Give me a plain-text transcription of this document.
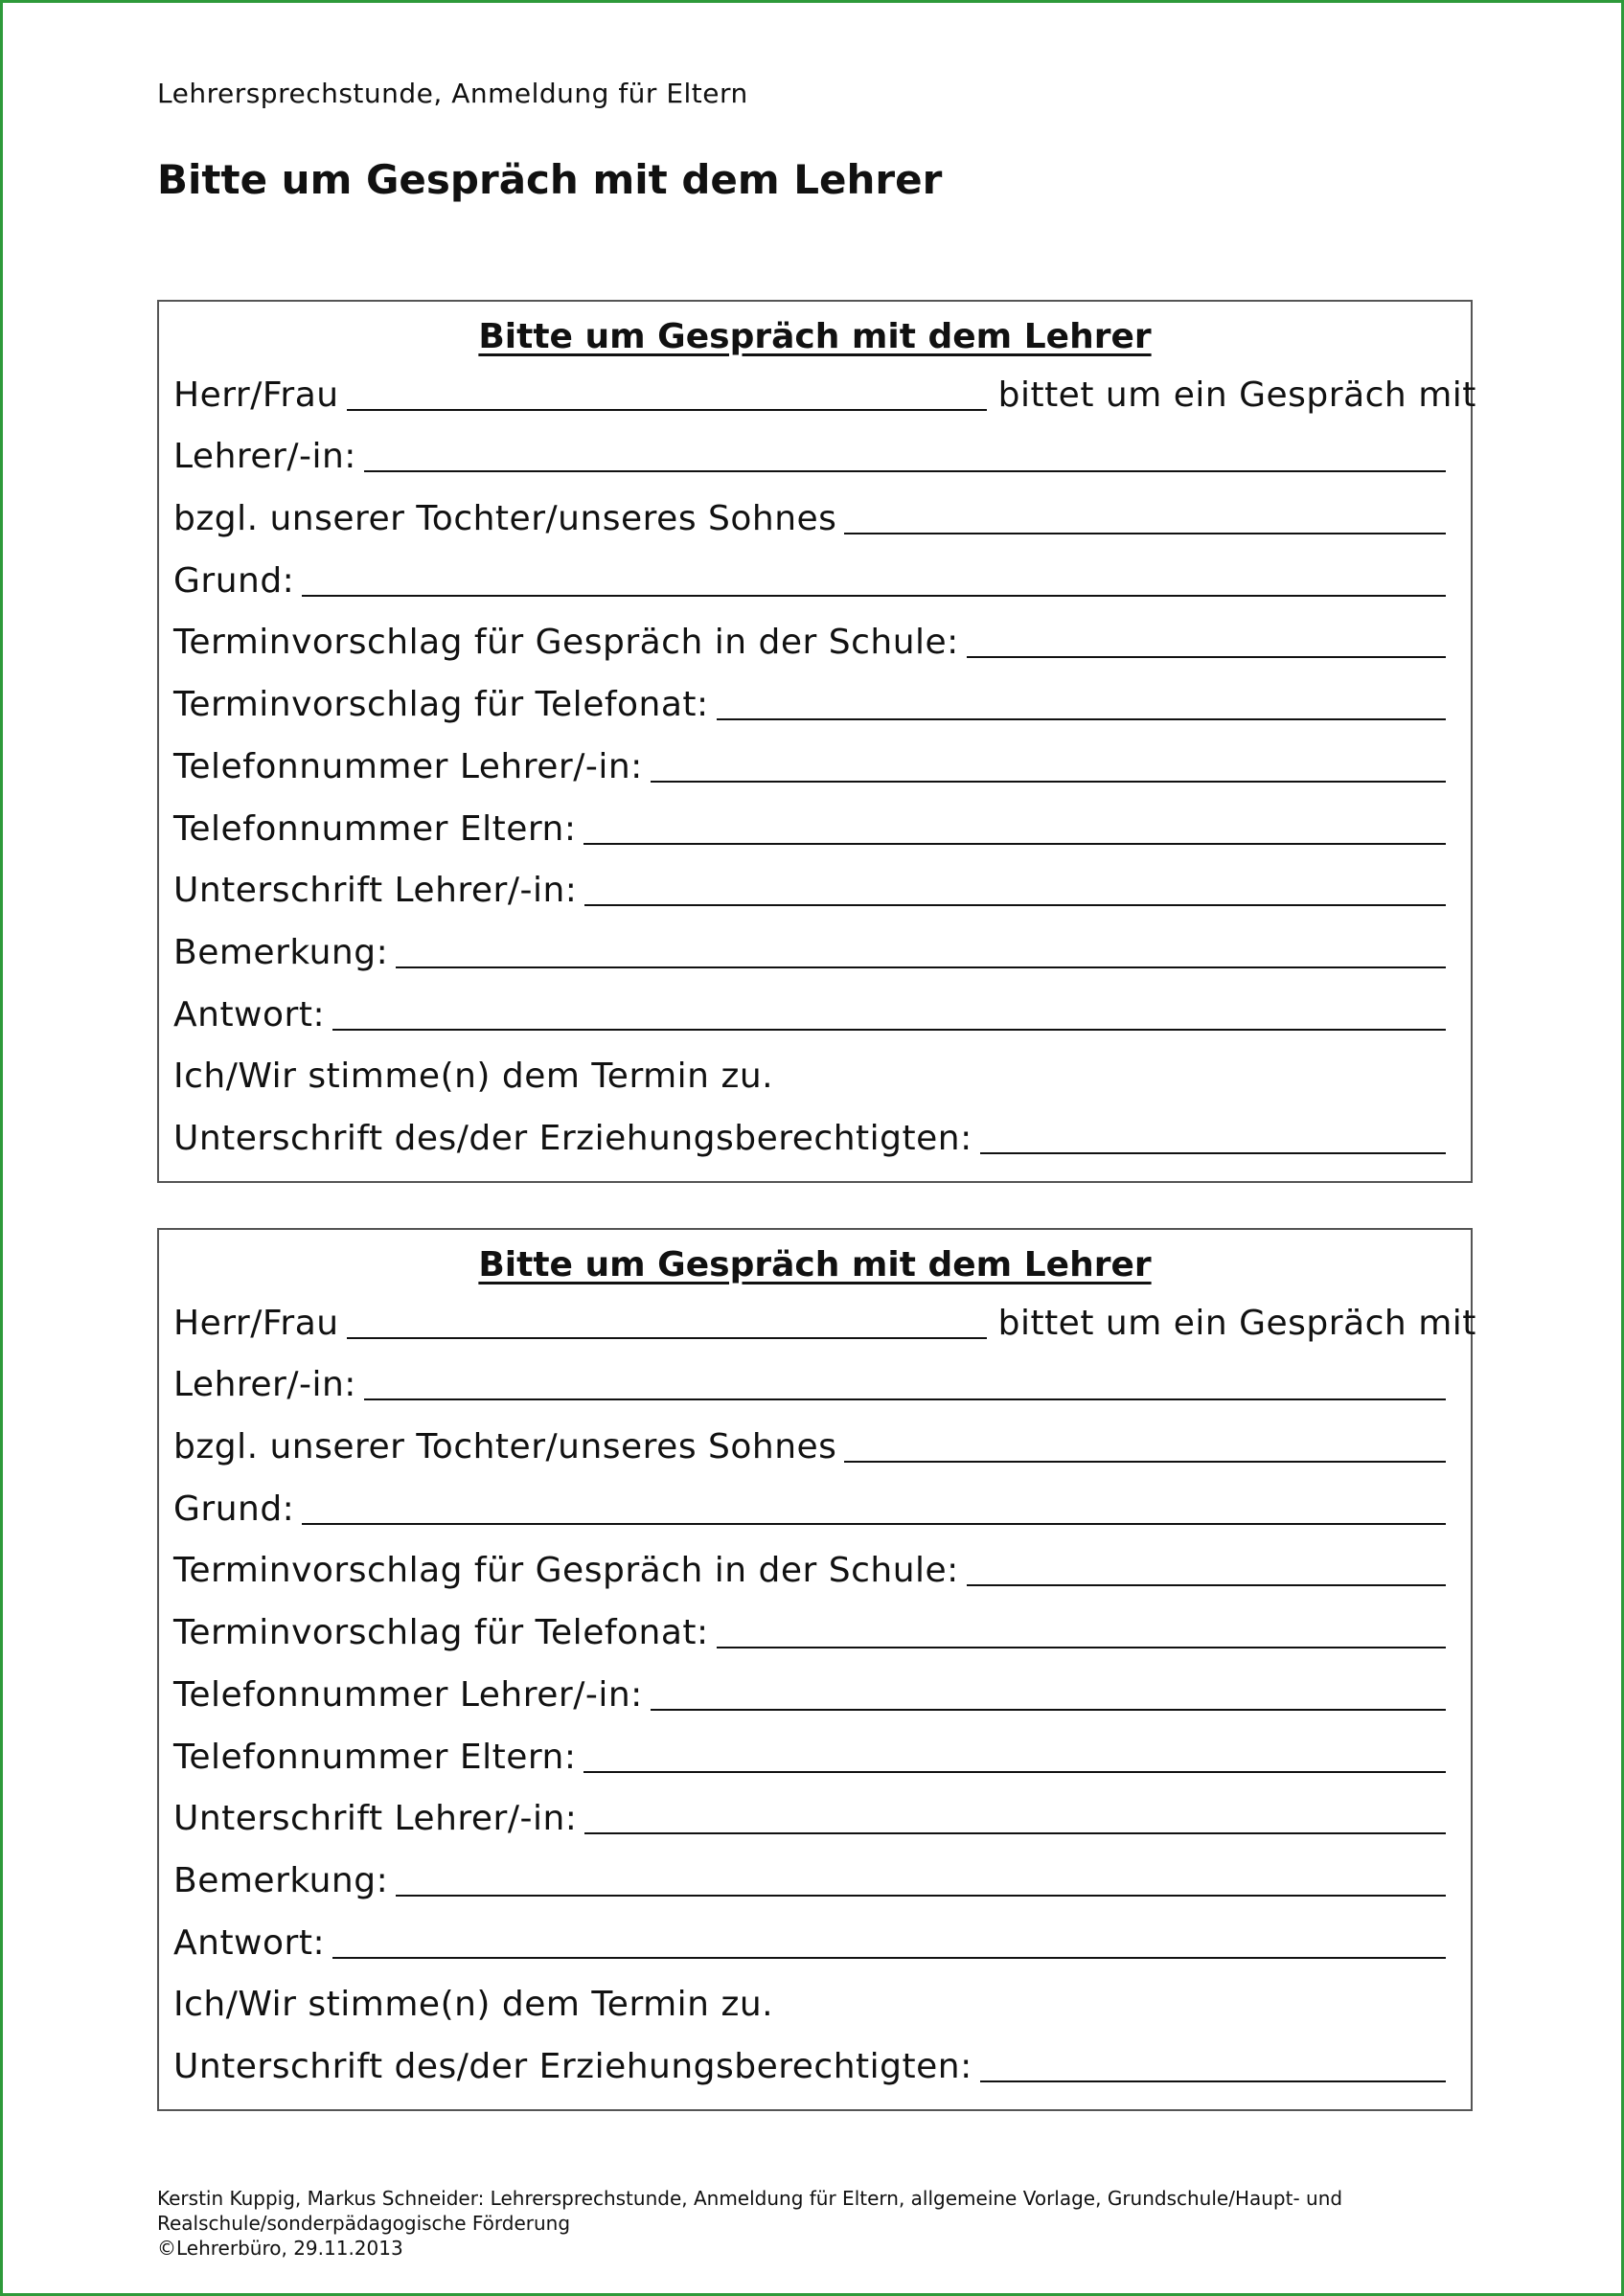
Lehrersprechstunde, Anmeldung für Eltern
Bitte um Gespräch mit dem Lehrer
Bitte um Gespräch mit dem Lehrer
Herr/Frau	bittet um ein Gespräch mit
Lehrer/-in:
bzgl. unserer Tochter/unseres Sohnes
Grund:
Terminvorschlag für Gespräch in der Schule:
Terminvorschlag für Telefonat:
Telefonnummer Lehrer/-in:
Telefonnummer Eltern:
Unterschrift Lehrer/-in:
Bemerkung:
Antwort:
Ich/Wir stimme(n) dem Termin zu.
Unterschrift des/der Erziehungsberechtigten:
Bitte um Gespräch mit dem Lehrer
Herr/Frau	bittet um ein Gespräch mit
Lehrer/-in:
bzgl. unserer Tochter/unseres Sohnes
Grund:
Terminvorschlag für Gespräch in der Schule:
Terminvorschlag für Telefonat:
Telefonnummer Lehrer/-in:
Telefonnummer Eltern:
Unterschrift Lehrer/-in:
Bemerkung:
Antwort:
Ich/Wir stimme(n) dem Termin zu.
Unterschrift des/der Erziehungsberechtigten:
Kerstin Kuppig, Markus Schneider: Lehrersprechstunde, Anmeldung für Eltern, allgemeine Vorlage, Grundschule/Haupt- und
Realschule/sonderpädagogische Förderung
©Lehrerbüro, 29.11.2013
